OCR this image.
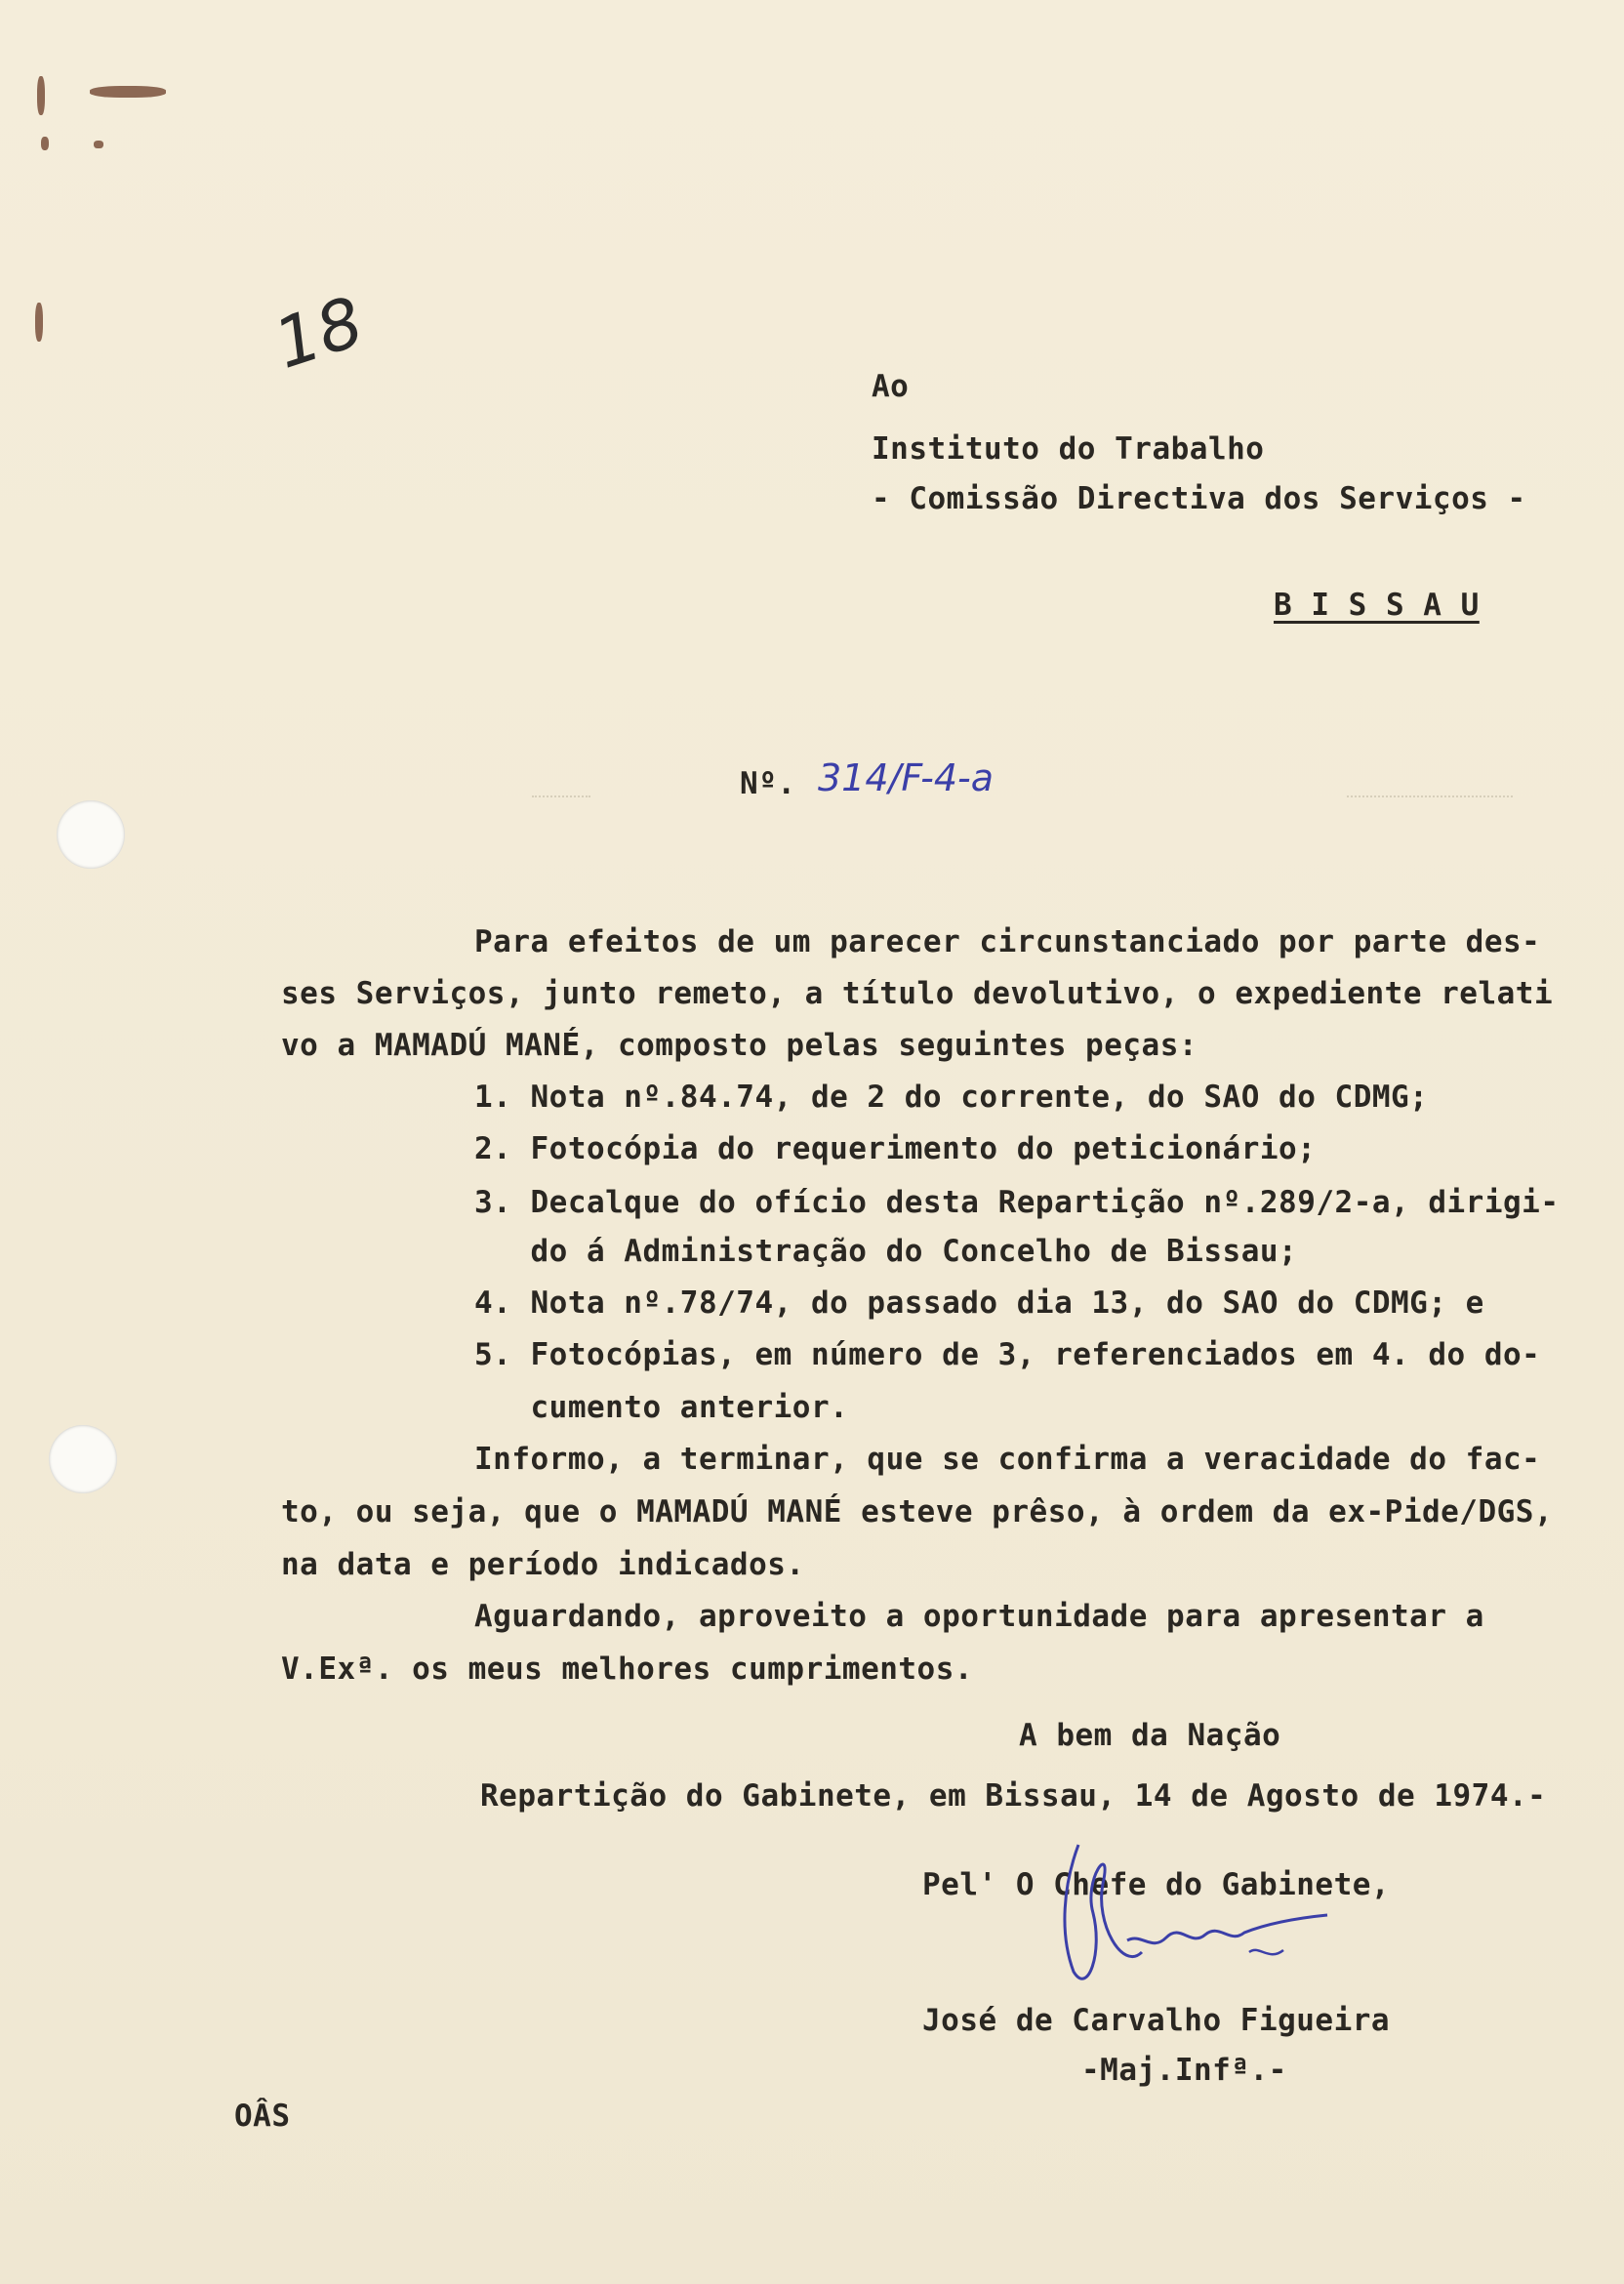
18
Ao
Instituto do Trabalho
- Comissão Directiva dos Serviços -
B I S S A U
Nº. 314/F-4-a
Para efeitos de um parecer circunstanciado por parte des-
ses Serviços, junto remeto, a título devolutivo, o expediente relati
vo a MAMADÚ MANÉ, composto pelas seguintes peças:
1. Nota nº.84.74, de 2 do corrente, do SAO do CDMG;
2. Fotocópia do requerimento do peticionário;
3. Decalque do ofício desta Repartição nº.289/2-a, dirigi-
do á Administração do Concelho de Bissau;
4. Nota nº.78/74, do passado dia 13, do SAO do CDMG; e
5. Fotocópias, em número de 3, referenciados em 4. do do-
cumento anterior.
Informo, a terminar, que se confirma a veracidade do fac-
to, ou seja, que o MAMADÚ MANÉ esteve prêso, à ordem da ex-Pide/DGS,
na data e período indicados.
Aguardando, aproveito a oportunidade para apresentar a
V.Exª. os meus melhores cumprimentos.
A bem da Nação
Repartição do Gabinete, em Bissau, 14 de Agosto de 1974.-
Pel' O Chefe do Gabinete,
José de Carvalho Figueira
-Maj.Infª.-
OÂS
